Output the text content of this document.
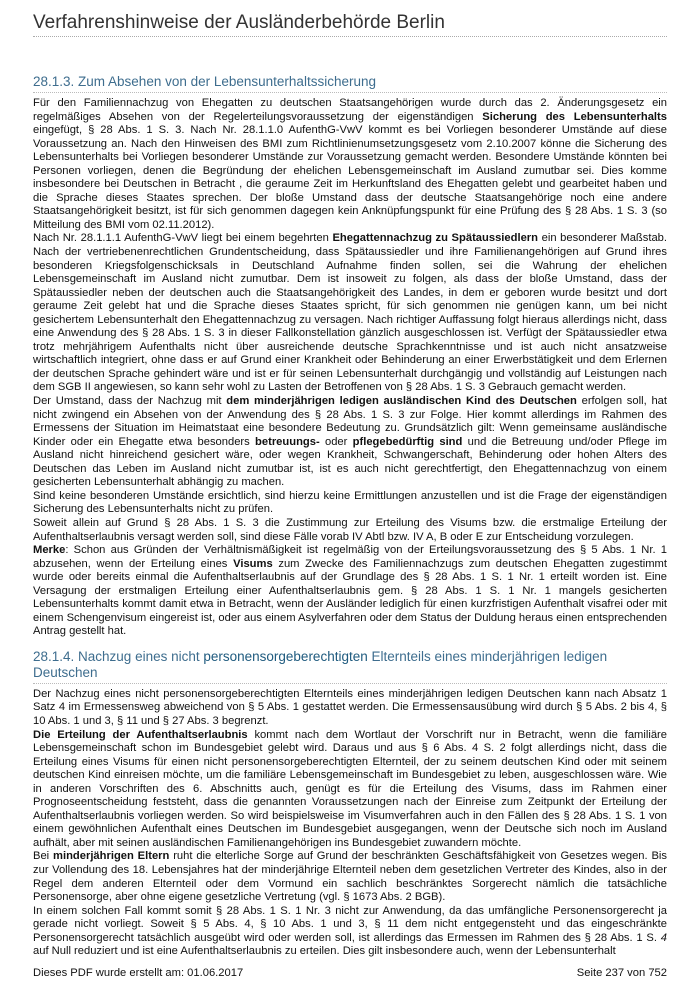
Verfahrenshinweise der Ausländerbehörde Berlin
28.1.3. Zum Absehen von der Lebensunterhaltssicherung

Für den Familiennachzug von Ehegatten zu deutschen Staatsangehörigen wurde durch das 2. Änderungsgesetz ein regelmäßiges Absehen von der Regelerteilungsvoraussetzung der eigenständigen Sicherung des Lebensunterhalts eingefügt, § 28 Abs. 1 S. 3. Nach Nr. 28.1.1.0 AufenthG-VwV kommt es bei Vorliegen besonderer Umstände auf diese Voraussetzung an. Nach den Hinweisen des BMI zum Richtlinienumsetzungsgesetz vom 2.10.2007 könne die Sicherung des Lebensunterhalts bei Vorliegen besonderer Umstände zur Voraussetzung gemacht werden. Besondere Umstände könnten bei Personen vorliegen, denen die Begründung der ehelichen Lebensgemeinschaft im Ausland zumutbar sei. Dies komme insbesondere bei Deutschen in Betracht , die geraume Zeit im Herkunftsland des Ehegatten gelebt und gearbeitet haben und die Sprache dieses Staates sprechen. Der bloße Umstand dass der deutsche Staatsangehörige noch eine andere Staatsangehörigkeit besitzt, ist für sich genommen dagegen kein Anknüpfungspunkt für eine Prüfung des § 28 Abs. 1 S. 3 (so Mitteilung des BMI vom 02.11.2012).

Nach Nr. 28.1.1.1 AufenthG-VwV liegt bei einem begehrten Ehegattennachzug zu Spätaussiedlern ein besonderer Maßstab. Nach der vertriebenenrechtlichen Grundentscheidung, dass Spätaussiedler und ihre Familienangehörigen auf Grund ihres besonderen Kriegsfolgenschicksals in Deutschland Aufnahme finden sollen, sei die Wahrung der ehelichen Lebensgemeinschaft im Ausland nicht zumutbar. Dem ist insoweit zu folgen, als dass der bloße Umstand, dass der Spätaussiedler neben der deutschen auch die Staatsangehörigkeit des Landes, in dem er geboren wurde besitzt und dort geraume Zeit gelebt hat und die Sprache dieses Staates spricht, für sich genommen nie genügen kann, um bei nicht gesichertem Lebensunterhalt den Ehegattennachzug zu versagen. Nach richtiger Auffassung folgt hieraus allerdings nicht, dass eine Anwendung des § 28 Abs. 1 S. 3 in dieser Fallkonstellation gänzlich ausgeschlossen ist. Verfügt der Spätaussiedler etwa trotz mehrjährigem Aufenthalts nicht über ausreichende deutsche Sprachkenntnisse und ist auch nicht ansatzweise wirtschaftlich integriert, ohne dass er auf Grund einer Krankheit oder Behinderung an einer Erwerbstätigkeit und dem Erlernen der deutschen Sprache gehindert wäre und ist er für seinen Lebensunterhalt durchgängig und vollständig auf Leistungen nach dem SGB II angewiesen, so kann sehr wohl zu Lasten der Betroffenen von § 28 Abs. 1 S. 3 Gebrauch gemacht werden.

Der Umstand, dass der Nachzug mit dem minderjährigen ledigen ausländischen Kind des Deutschen erfolgen soll, hat nicht zwingend ein Absehen von der Anwendung des § 28 Abs. 1 S. 3 zur Folge. Hier kommt allerdings im Rahmen des Ermessens der Situation im Heimatstaat eine besondere Bedeutung zu. Grundsätzlich gilt: Wenn gemeinsame ausländische Kinder oder ein Ehegatte etwa besonders betreuungs- oder pflegebedürftig sind und die Betreuung und/oder Pflege im Ausland nicht hinreichend gesichert wäre, oder wegen Krankheit, Schwangerschaft, Behinderung oder hohen Alters des Deutschen das Leben im Ausland nicht zumutbar ist, ist es auch nicht gerechtfertigt, den Ehegattennachzug von einem gesicherten Lebensunterhalt abhängig zu machen.

Sind keine besonderen Umstände ersichtlich, sind hierzu keine Ermittlungen anzustellen und ist die Frage der eigenständigen Sicherung des Lebensunterhalts nicht zu prüfen.

Soweit allein auf Grund § 28 Abs. 1 S. 3 die Zustimmung zur Erteilung des Visums bzw. die erstmalige Erteilung der Aufenthaltserlaubnis versagt werden soll, sind diese Fälle vorab IV Abtl bzw. IV A, B oder E zur Entscheidung vorzulegen.

Merke: Schon aus Gründen der Verhältnismäßigkeit ist regelmäßig von der Erteilungsvoraussetzung des § 5 Abs. 1 Nr. 1 abzusehen, wenn der Erteilung eines Visums zum Zwecke des Familiennachzugs zum deutschen Ehegatten zugestimmt wurde oder bereits einmal die Aufenthaltserlaubnis auf der Grundlage des § 28 Abs. 1 S. 1 Nr. 1 erteilt worden ist. Eine Versagung der erstmaligen Erteilung einer Aufenthaltserlaubnis gem. § 28 Abs. 1 S. 1 Nr. 1 mangels gesicherten Lebensunterhalts kommt damit etwa in Betracht, wenn der Ausländer lediglich für einen kurzfristigen Aufenthalt visafrei oder mit einem Schengenvisum eingereist ist, oder aus einem Asylverfahren oder dem Status der Duldung heraus einen entsprechenden Antrag gestellt hat.

28.1.4. Nachzug eines nicht personensorgeberechtigten Elternteils eines minderjährigen ledigen Deutschen

Der Nachzug eines nicht personensorgeberechtigten Elternteils eines minderjährigen ledigen Deutschen kann nach Absatz 1 Satz 4 im Ermessensweg abweichend von § 5 Abs. 1 gestattet werden. Die Ermessensausübung wird durch § 5 Abs. 2 bis 4, § 10 Abs. 1 und 3, § 11 und § 27 Abs. 3 begrenzt.

Die Erteilung der Aufenthaltserlaubnis kommt nach dem Wortlaut der Vorschrift nur in Betracht, wenn die familiäre Lebensgemeinschaft schon im Bundesgebiet gelebt wird. Daraus und aus § 6 Abs. 4 S. 2 folgt allerdings nicht, dass die Erteilung eines Visums für einen nicht personensorgeberechtigten Elternteil, der zu seinem deutschen Kind oder mit seinem deutschen Kind einreisen möchte, um die familiäre Lebensgemeinschaft im Bundesgebiet zu leben, ausgeschlossen wäre. Wie in anderen Vorschriften des 6. Abschnitts auch, genügt es für die Erteilung des Visums, dass im Rahmen einer Prognoseentscheidung feststeht, dass die genannten Voraussetzungen nach der Einreise zum Zeitpunkt der Erteilung der Aufenthaltserlaubnis vorliegen werden. So wird beispielsweise im Visumverfahren auch in den Fällen des § 28 Abs. 1 S. 1 von einem gewöhnlichen Aufenthalt eines Deutschen im Bundesgebiet ausgegangen, wenn der Deutsche sich noch im Ausland aufhält, aber mit seinen ausländischen Familienangehörigen ins Bundesgebiet zuwandern möchte.

Bei minderjährigen Eltern ruht die elterliche Sorge auf Grund der beschränkten Geschäftsfähigkeit von Gesetzes wegen. Bis zur Vollendung des 18. Lebensjahres hat der minderjährige Elternteil neben dem gesetzlichen Vertreter des Kindes, also in der Regel dem anderen Elternteil oder dem Vormund ein sachlich beschränktes Sorgerecht nämlich die tatsächliche Personensorge, aber ohne eigene gesetzliche Vertretung (vgl. § 1673 Abs. 2 BGB).

In einem solchen Fall kommt somit § 28 Abs. 1 S. 1 Nr. 3 nicht zur Anwendung, da das umfängliche Personensorgerecht ja gerade nicht vorliegt. Soweit § 5 Abs. 4, § 10 Abs. 1 und 3, § 11 dem nicht entgegensteht und das eingeschränkte Personensorgerecht tatsächlich ausgeübt wird oder werden soll, ist allerdings das Ermessen im Rahmen des § 28 Abs. 1 S. 4 auf Null reduziert und ist eine Aufenthaltserlaubnis zu erteilen. Dies gilt insbesondere auch, wenn der Lebensunterhalt

Dieses PDF wurde erstellt am: 01.06.2017	Seite 237 von 752
